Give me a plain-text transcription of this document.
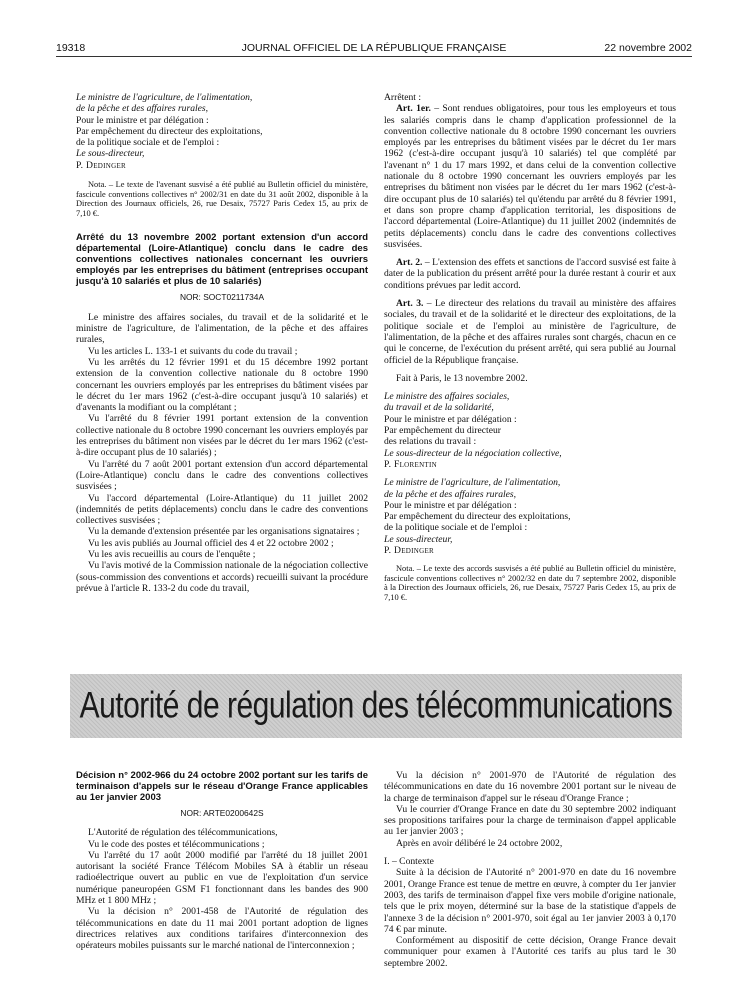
19318	JOURNAL OFFICIEL DE LA RÉPUBLIQUE FRANÇAISE	22 novembre 2002

Le ministre de l'agriculture, de l'alimentation,

de la pêche et des affaires rurales,

Pour le ministre et par délégation :

Par empêchement du directeur des exploitations,

de la politique sociale et de l'emploi :

Le sous-directeur,

P. Dedinger

Nota. – Le texte de l'avenant susvisé a été publié au Bulletin officiel du ministère, fascicule conventions collectives n° 2002/31 en date du 31 août 2002, disponible à la Direction des Journaux officiels, 26, rue Desaix, 75727 Paris Cedex 15, au prix de 7,10 €.

Arrêté du 13 novembre 2002 portant extension d'un accord départemental (Loire-Atlantique) conclu dans le cadre des conventions collectives nationales concernant les ouvriers employés par les entreprises du bâtiment (entreprises occupant jusqu'à 10 salariés et plus de 10 salariés)
NOR: SOCT0211734A

Le ministre des affaires sociales, du travail et de la solidarité et le ministre de l'agriculture, de l'alimentation, de la pêche et des affaires rurales,

Vu les articles L. 133-1 et suivants du code du travail ;

Vu les arrêtés du 12 février 1991 et du 15 décembre 1992 portant extension de la convention collective nationale du 8 octobre 1990 concernant les ouvriers employés par les entreprises du bâtiment visées par le décret du 1er mars 1962 (c'est-à-dire occupant jusqu'à 10 salariés) et d'avenants la modifiant ou la complétant ;

Vu l'arrêté du 8 février 1991 portant extension de la convention collective nationale du 8 octobre 1990 concernant les ouvriers employés par les entreprises du bâtiment non visées par le décret du 1er mars 1962 (c'est-à-dire occupant plus de 10 salariés) ;

Vu l'arrêté du 7 août 2001 portant extension d'un accord départemental (Loire-Atlantique) conclu dans le cadre des conventions collectives susvisées ;

Vu l'accord départemental (Loire-Atlantique) du 11 juillet 2002 (indemnités de petits déplacements) conclu dans le cadre des conventions collectives susvisées ;

Vu la demande d'extension présentée par les organisations signataires ;

Vu les avis publiés au Journal officiel des 4 et 22 octobre 2002 ;

Vu les avis recueillis au cours de l'enquête ;

Vu l'avis motivé de la Commission nationale de la négociation collective (sous-commission des conventions et accords) recueilli suivant la procédure prévue à l'article R. 133-2 du code du travail,

Arrêtent :

Art. 1er. – Sont rendues obligatoires, pour tous les employeurs et tous les salariés compris dans le champ d'application professionnel de la convention collective nationale du 8 octobre 1990 concernant les ouvriers employés par les entreprises du bâtiment visées par le décret du 1er mars 1962 (c'est-à-dire occupant jusqu'à 10 salariés) tel que complété par l'avenant n° 1 du 17 mars 1992, et dans celui de la convention collective nationale du 8 octobre 1990 concernant les ouvriers employés par les entreprises du bâtiment non visées par le décret du 1er mars 1962 (c'est-à-dire occupant plus de 10 salariés) tel qu'étendu par arrêté du 8 février 1991, et dans son propre champ d'application territorial, les dispositions de l'accord départemental (Loire-Atlantique) du 11 juillet 2002 (indemnités de petits déplacements) conclu dans le cadre des conventions collectives susvisées.

Art. 2. – L'extension des effets et sanctions de l'accord susvisé est faite à dater de la publication du présent arrêté pour la durée restant à courir et aux conditions prévues par ledit accord.

Art. 3. – Le directeur des relations du travail au ministère des affaires sociales, du travail et de la solidarité et le directeur des exploitations, de la politique sociale et de l'emploi au ministère de l'agriculture, de l'alimentation, de la pêche et des affaires rurales sont chargés, chacun en ce qui le concerne, de l'exécution du présent arrêté, qui sera publié au Journal officiel de la République française.

Fait à Paris, le 13 novembre 2002.

Le ministre des affaires sociales,

du travail et de la solidarité,

Pour le ministre et par délégation :

Par empêchement du directeur

des relations du travail :

Le sous-directeur de la négociation collective,

P. Florentin

Le ministre de l'agriculture, de l'alimentation,

de la pêche et des affaires rurales,

Pour le ministre et par délégation :

Par empêchement du directeur des exploitations,

de la politique sociale et de l'emploi :

Le sous-directeur,

P. Dedinger

Nota. – Le texte des accords susvisés a été publié au Bulletin officiel du ministère, fascicule conventions collectives n° 2002/32 en date du 7 septembre 2002, disponible à la Direction des Journaux officiels, 26, rue Desaix, 75727 Paris Cedex 15, au prix de 7,10 €.

Autorité de régulation des télécommunications
Décision n° 2002-966 du 24 octobre 2002 portant sur les tarifs de terminaison d'appels sur le réseau d'Orange France applicables au 1er janvier 2003
NOR: ARTE0200642S

L'Autorité de régulation des télécommunications,

Vu le code des postes et télécommunications ;

Vu l'arrêté du 17 août 2000 modifié par l'arrêté du 18 juillet 2001 autorisant la société France Télécom Mobiles SA à établir un réseau radioélectrique ouvert au public en vue de l'exploitation d'un service numérique paneuropéen GSM F1 fonctionnant dans les bandes des 900 MHz et 1 800 MHz ;

Vu la décision n° 2001-458 de l'Autorité de régulation des télécommunications en date du 11 mai 2001 portant adoption de lignes directrices relatives aux conditions tarifaires d'interconnexion des opérateurs mobiles puissants sur le marché national de l'interconnexion ;

Vu la décision n° 2001-970 de l'Autorité de régulation des télécommunications en date du 16 novembre 2001 portant sur le niveau de la charge de terminaison d'appel sur le réseau d'Orange France ;

Vu le courrier d'Orange France en date du 30 septembre 2002 indiquant ses propositions tarifaires pour la charge de terminaison d'appel applicable au 1er janvier 2003 ;

Après en avoir délibéré le 24 octobre 2002,

I. – Contexte

Suite à la décision de l'Autorité n° 2001-970 en date du 16 novembre 2001, Orange France est tenue de mettre en œuvre, à compter du 1er janvier 2003, des tarifs de terminaison d'appel fixe vers mobile d'origine nationale, tels que le prix moyen, déterminé sur la base de la statistique d'appels de l'annexe 3 de la décision n° 2001-970, soit égal au 1er janvier 2003 à 0,170 74 € par minute.

Conformément au dispositif de cette décision, Orange France devait communiquer pour examen à l'Autorité ces tarifs au plus tard le 30 septembre 2002.
